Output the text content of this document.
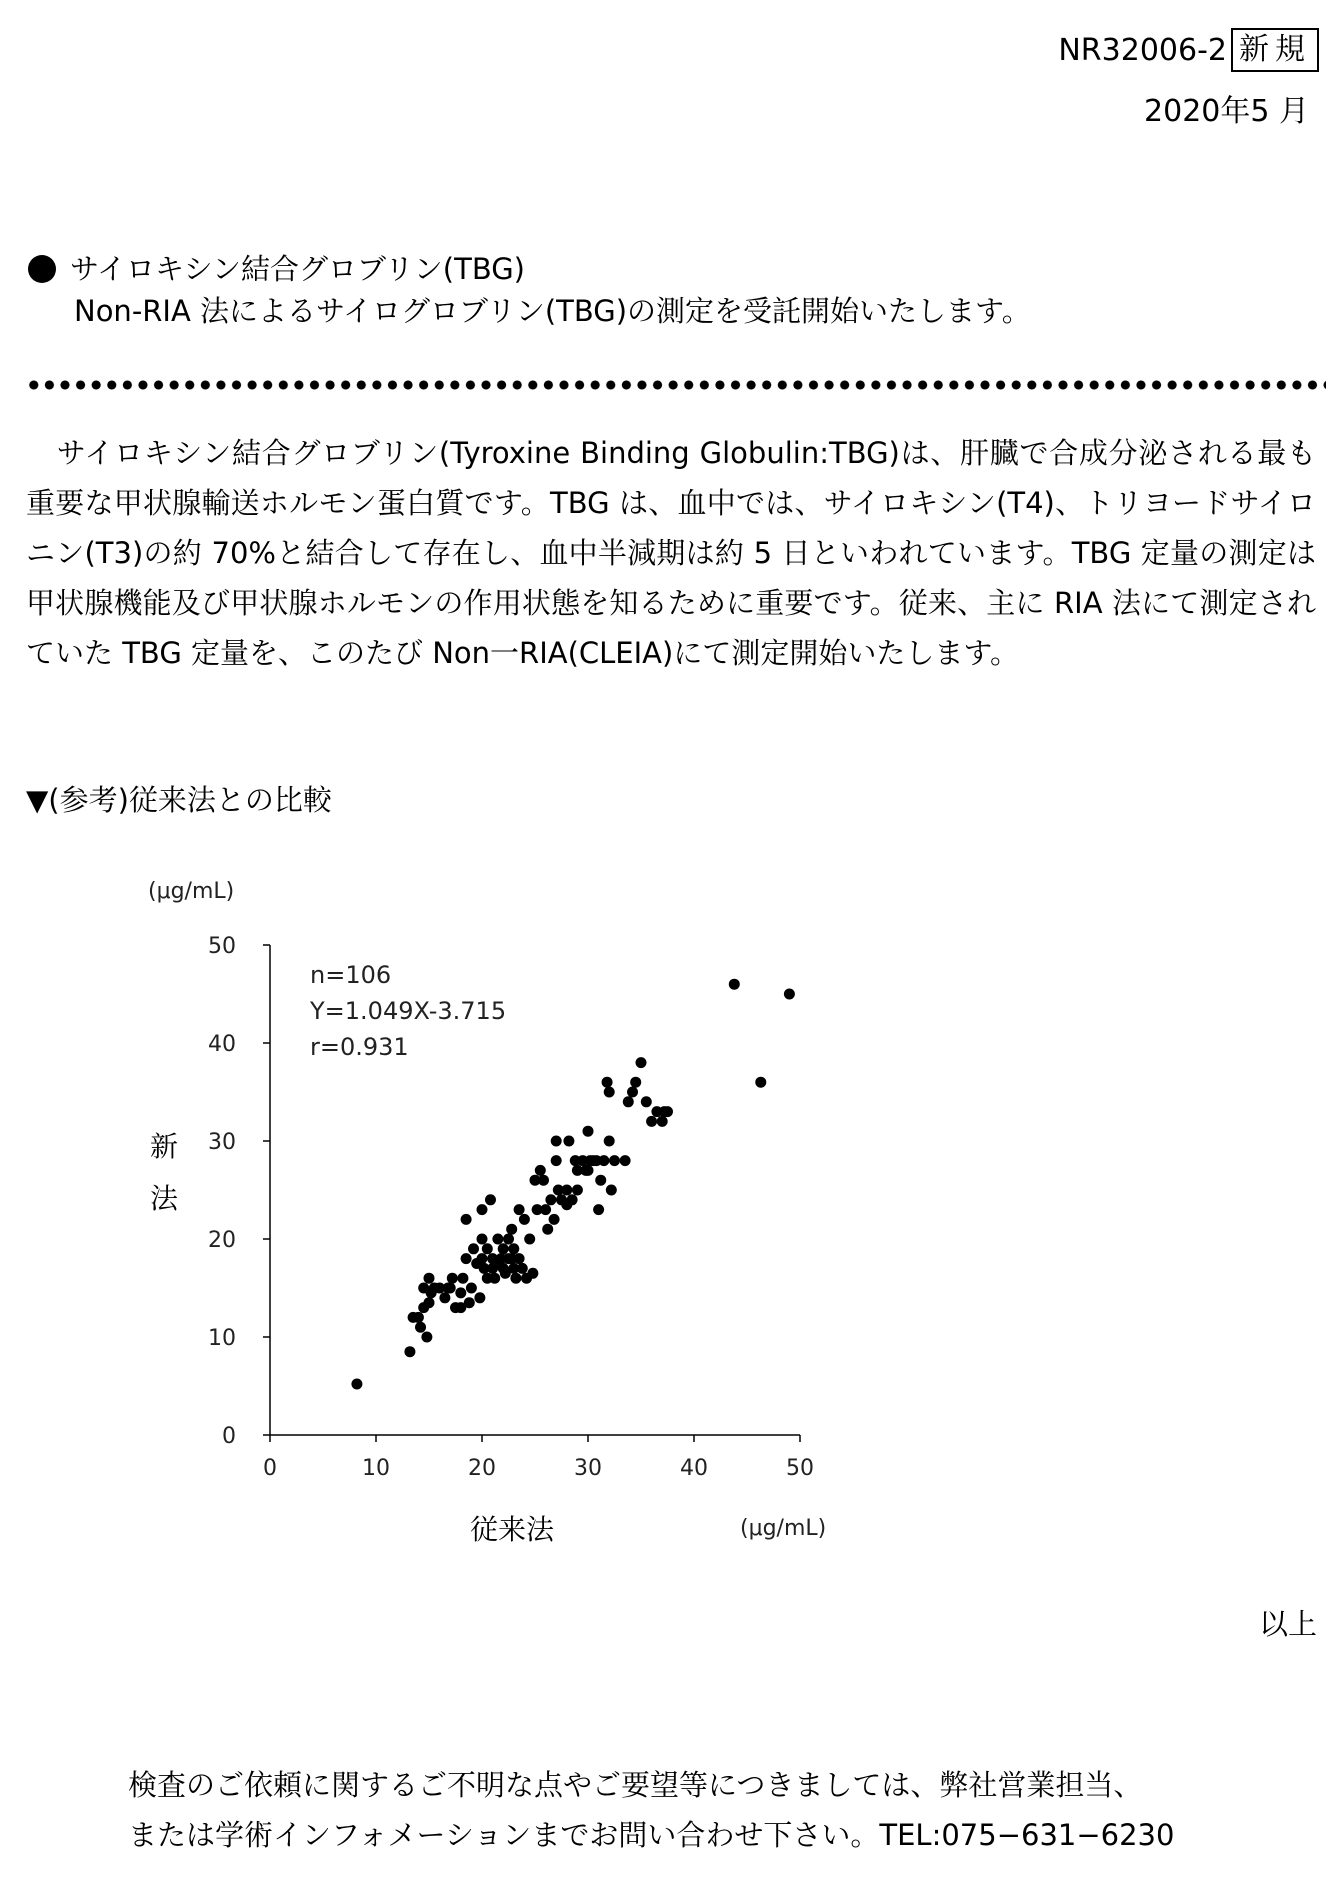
NR32006-2 新規
2020年5 月
サイロキシン結合グロブリン(TBG)
Non-RIA 法によるサイログロブリン(TBG)の測定を受託開始いたします。
サイロキシン結合グロブリン(Tyroxine Binding Globulin:TBG)は、肝臓で合成分泌される最も重要な甲状腺輸送ホルモン蛋白質です。TBG は、血中では、サイロキシン(T4)、トリヨードサイロニン(T3)の約 70%と結合して存在し、血中半減期は約 5 日といわれています。TBG 定量の測定は甲状腺機能及び甲状腺ホルモンの作用状態を知るために重要です。従来、主に RIA 法にて測定されていた TBG 定量を、このたび Non一RIA(CLEIA)にて測定開始いたします。
▼(参考)従来法との比較
0	10	20	30	40	50
0
10
20
30
40
50
(μg/mL)
(μg/mL)
従来法
新法
n=106
Y=1.049X-3.715
r=0.931
以上
検査のご依頼に関するご不明な点やご要望等につきましては、弊社営業担当、
または学術インフォメーションまでお問い合わせ下さい。TEL:075−631−6230
